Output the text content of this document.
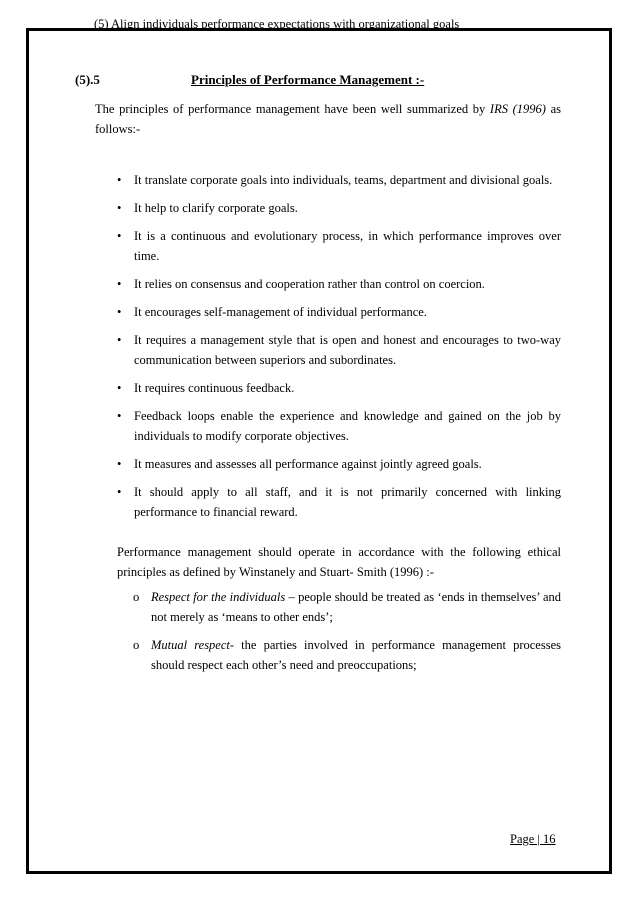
(5) Align individuals performance expectations with organizational goals
(5).5	Principles of Performance Management :-

The principles of performance management have been well summarized by IRS (1996) as follows:-

• It translate corporate goals into individuals, teams, department and divisional goals.
• It help to clarify corporate goals.
• It is a continuous and evolutionary process, in which performance improves over time.
• It relies on consensus and cooperation rather than control on coercion.
• It encourages self-management of individual performance.
• It requires a management style that is open and honest and encourages to two-way communication between superiors and subordinates.
• It requires continuous feedback.
• Feedback loops enable the experience and knowledge and gained on the job by individuals to modify corporate objectives.
• It measures and assesses all performance against jointly agreed goals.
• It should apply to all staff, and it is not primarily concerned with linking performance to financial reward.

Performance management should operate in accordance with the following ethical principles as defined by Winstanely and Stuart- Smith (1996) :-

o Respect for the individuals – people should be treated as ‘ends in themselves’ and not merely as ‘means to other ends’;
o Mutual respect- the parties involved in performance management processes should respect each other’s need and preoccupations;
Page | 16
